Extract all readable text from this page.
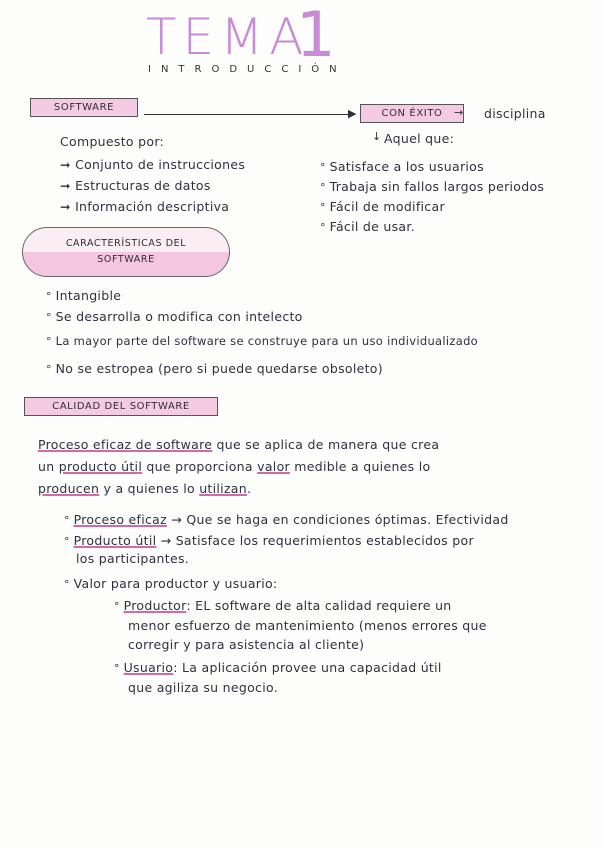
TEMA
1
INTRODUCCIÓN
SOFTWARE	▶	CON ÉXITO	→ disciplina
↓ Aquel que:
Compuesto por:
➞ Conjunto de instrucciones
➞ Estructuras de datos
➞ Información descriptiva
° Satisface a los usuarios
° Trabaja sin fallos largos periodos
° Fácil de modificar
° Fácil de usar.
CARACTERÍSTICAS DEL
SOFTWARE
° Intangible
° Se desarrolla o modifica con intelecto
° La mayor parte del software se construye para un uso individualizado
° No se estropea (pero si puede quedarse obsoleto)
CALIDAD DEL SOFTWARE
Proceso eficaz de software que se aplica de manera que crea
un producto útil que proporciona valor medible a quienes lo
producen y a quienes lo utilizan.
° Proceso eficaz → Que se haga en condiciones óptimas. Efectividad
° Producto útil → Satisface los requerimientos establecidos por
los participantes.
° Valor para productor y usuario:
° Productor: EL software de alta calidad requiere un
menor esfuerzo de mantenimiento (menos errores que
corregir y para asistencia al cliente)
° Usuario: La aplicación provee una capacidad útil
que agiliza su negocio.
